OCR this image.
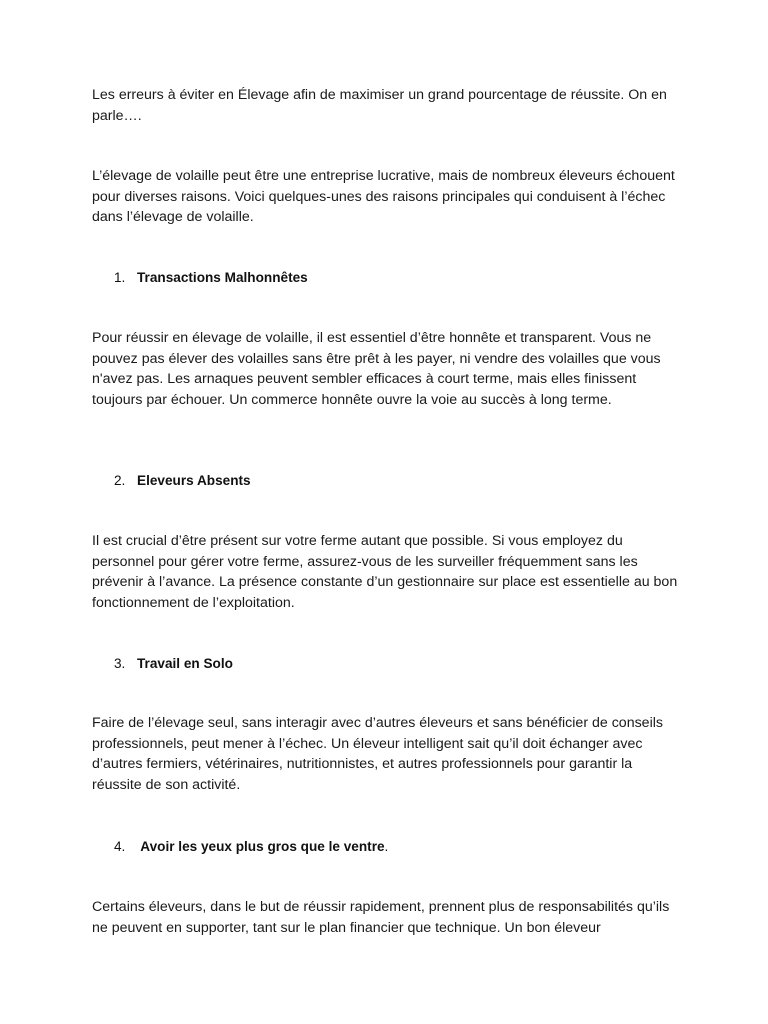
Les erreurs à éviter en Élevage afin de maximiser un grand pourcentage de réussite. On en parle….

L’élevage de volaille peut être une entreprise lucrative, mais de nombreux éleveurs échouent pour diverses raisons. Voici quelques-unes des raisons principales qui conduisent à l’échec dans l’élevage de volaille.

1. Transactions Malhonnêtes

Pour réussir en élevage de volaille, il est essentiel d’être honnête et transparent. Vous ne pouvez pas élever des volailles sans être prêt à les payer, ni vendre des volailles que vous n'avez pas. Les arnaques peuvent sembler efficaces à court terme, mais elles finissent toujours par échouer. Un commerce honnête ouvre la voie au succès à long terme.

2. Eleveurs Absents

Il est crucial d’être présent sur votre ferme autant que possible. Si vous employez du personnel pour gérer votre ferme, assurez-vous de les surveiller fréquemment sans les prévenir à l’avance. La présence constante d’un gestionnaire sur place est essentielle au bon fonctionnement de l’exploitation.

3. Travail en Solo

Faire de l’élevage seul, sans interagir avec d’autres éleveurs et sans bénéficier de conseils professionnels, peut mener à l’échec. Un éleveur intelligent sait qu’il doit échanger avec d’autres fermiers, vétérinaires, nutritionnistes, et autres professionnels pour garantir la réussite de son activité.

4. Avoir les yeux plus gros que le ventre.

Certains éleveurs, dans le but de réussir rapidement, prennent plus de responsabilités qu’ils ne peuvent en supporter, tant sur le plan financier que technique. Un bon éleveur
